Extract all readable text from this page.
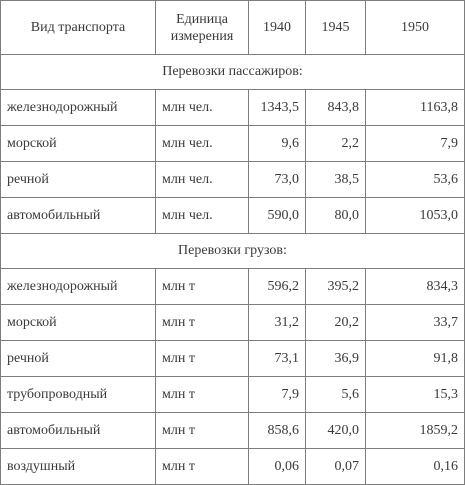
Вид транспорта	Единица измерения	1940	1945	1950
Перевозки пассажиров:				
железнодорожный	млн чел.	1343,5	843,8	1163,8
морской	млн чел.	9,6	2,2	7,9
речной	млн чел.	73,0	38,5	53,6
автомобильный	млн чел.	590,0	80,0	1053,0
Перевозки грузов:				
железнодорожный	млн т	596,2	395,2	834,3
морской	млн т	31,2	20,2	33,7
речной	млн т	73,1	36,9	91,8
трубопроводный	млн т	7,9	5,6	15,3
автомобильный	млн т	858,6	420,0	1859,2
воздушный	млн т	0,06	0,07	0,16
